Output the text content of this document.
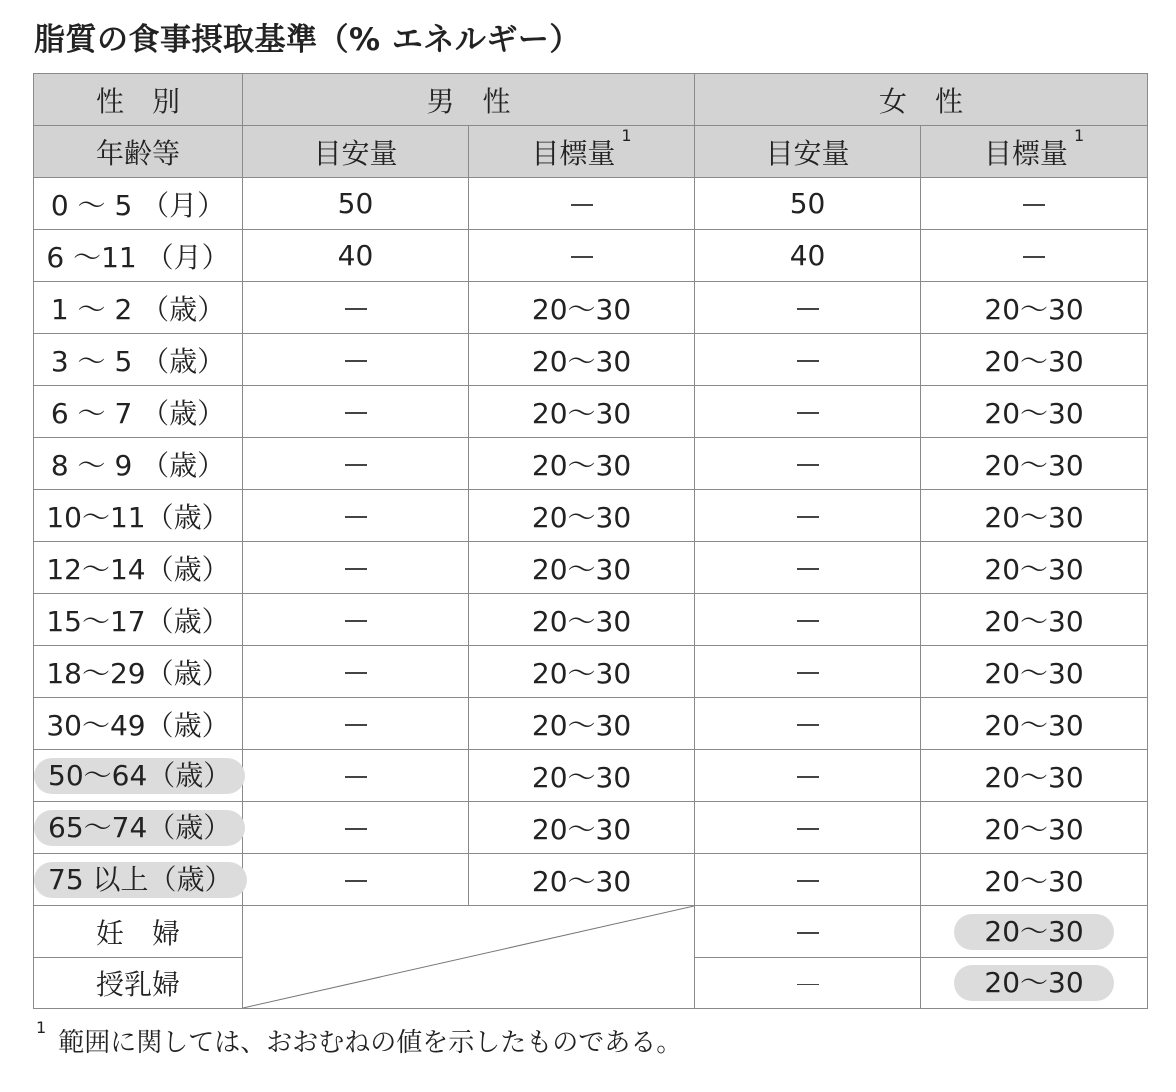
脂質の食事摂取基準（% エネルギー）
性　別	男　性		女　性	
年齢等	目安量	目標量$^1$	目安量	目標量$^1$
0 〜 5 （月）	50		50	
6 〜11 （月）	40		40	
1 〜 2 （歳）		20〜30		20〜30
3 〜 5 （歳）		20〜30		20〜30
6 〜 7 （歳）		20〜30		20〜30
8 〜 9 （歳）		20〜30		20〜30
10〜11（歳）		20〜30		20〜30
12〜14（歳）		20〜30		20〜30
15〜17（歳）		20〜30		20〜30
18〜29（歳）		20〜30		20〜30
30〜49（歳）		20〜30		20〜30
50〜64（歳）		20〜30		20〜30
65〜74（歳）		20〜30		20〜30
75 以上（歳）		20〜30		20〜30
妊　婦				20〜30
授乳婦				20〜30
$^1$範囲に関しては、おおむねの値を示したものである。
